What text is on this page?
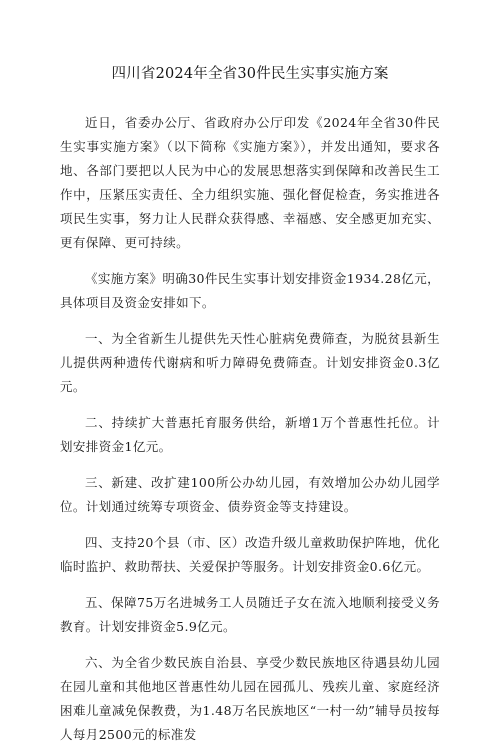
四川省2024年全省30件民生实事实施方案

近日，省委办公厅、省政府办公厅印发《2024年全省30件民生实事实施方案》（以下简称《实施方案》），并发出通知，要求各地、各部门要把以人民为中心的发展思想落实到保障和改善民生工作中，压紧压实责任、全力组织实施、强化督促检查，务实推进各项民生实事，努力让人民群众获得感、幸福感、安全感更加充实、更有保障、更可持续。

《实施方案》明确30件民生实事计划安排资金1934.28亿元，具体项目及资金安排如下。

一、为全省新生儿提供先天性心脏病免费筛查，为脱贫县新生儿提供两种遗传代谢病和听力障碍免费筛查。计划安排资金0.3亿元。

二、持续扩大普惠托育服务供给，新增1万个普惠性托位。计划安排资金1亿元。

三、新建、改扩建100所公办幼儿园，有效增加公办幼儿园学位。计划通过统筹专项资金、债券资金等支持建设。

四、支持20个县（市、区）改造升级儿童救助保护阵地，优化临时监护、救助帮扶、关爱保护等服务。计划安排资金0.6亿元。

五、保障75万名进城务工人员随迁子女在流入地顺利接受义务教育。计划安排资金5.9亿元。

六、为全省少数民族自治县、享受少数民族地区待遇县幼儿园在园儿童和其他地区普惠性幼儿园在园孤儿、残疾儿童、家庭经济困难儿童减免保教费，为1.48万名民族地区“一村一幼”辅导员按每人每月2500元的标准发
